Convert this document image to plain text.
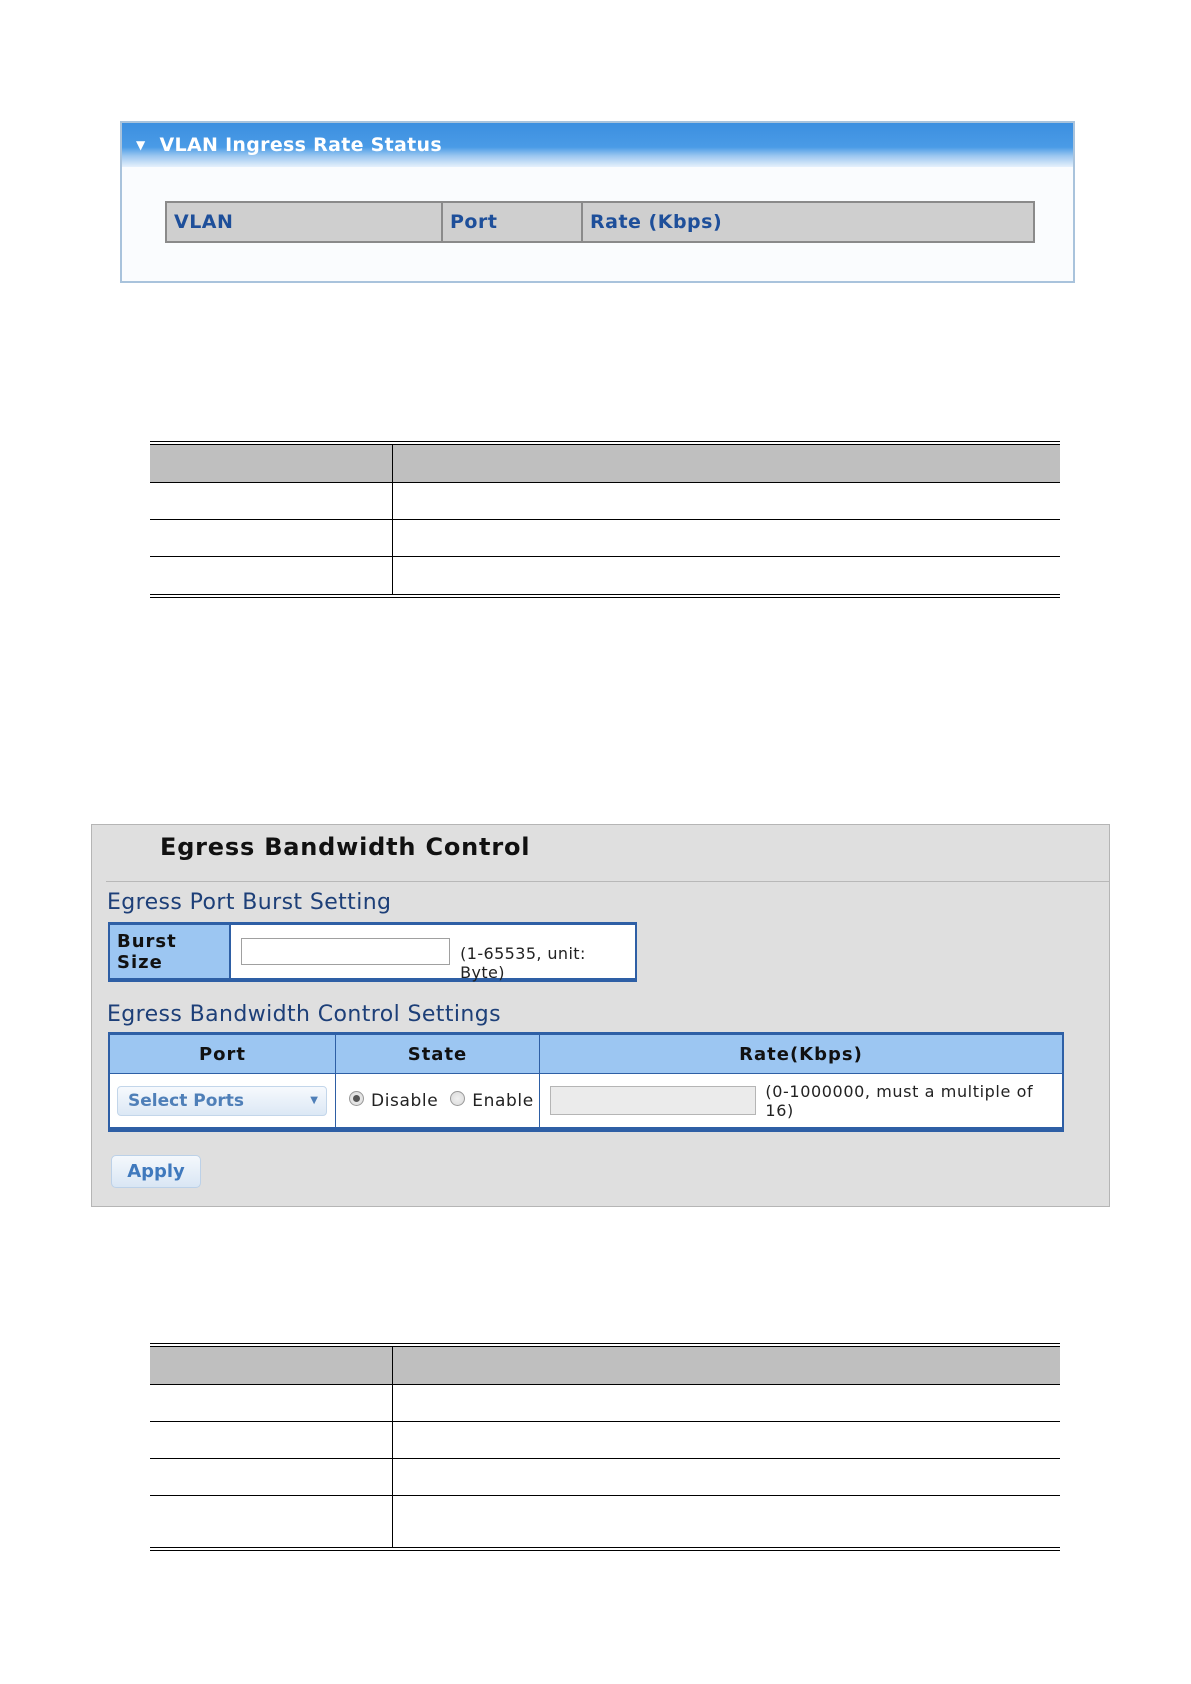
▼ VLAN Ingress Rate Status
VLAN	Port	Rate (Kbps)
Egress Bandwidth Control
Egress Port Burst Setting
Burst Size	(1-65535, unit: Byte)
Egress Bandwidth Control Settings
Port	State	Rate(Kbps)
Select Ports	▼	Disable Enable	(0-1000000, must a multiple of 16)
Apply
